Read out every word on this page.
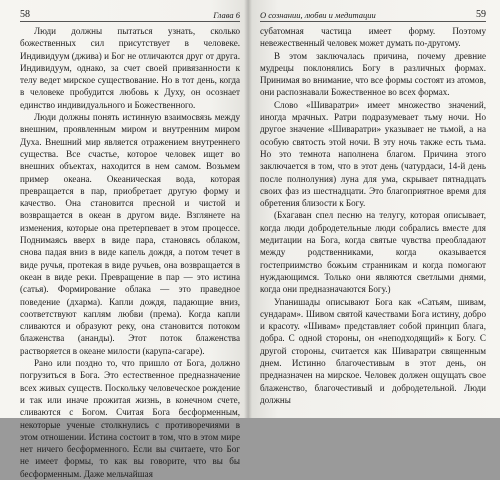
58	Глава 6

Люди должны пытаться узнать, сколько божественных сил присутствует в человеке. Индивидуум (джива) и Бог не отличаются друг от друга. Индивидуум, однако, за счет своей привязанности к телу ведет мирское существование. Но в тот день, когда в человеке пробудится любовь к Духу, он осознает единство индивидуального и Божественного.

Люди должны понять истинную взаимосвязь между внешним, проявленным миром и внутренним миром Духа. Внешний мир является отражением внутреннего существа. Все счастье, которое человек ищет во внешних объектах, находится в нем самом. Возьмем пример океана. Океаническая вода, которая превращается в пар, приобретает другую форму и качество. Она становится пресной и чистой и возвращается в океан в другом виде. Взглянете на изменения, которые она претерпевает в этом процессе. Поднимаясь вверх в виде пара, становясь облаком, снова падая вниз в виде капель дождя, а потом течет в виде ручья, протекая в виде ручьев, она возвращается в океан в виде реки. Превращение в пар — это истина (сатья). Формирование облака — это праведное поведение (дхарма). Капли дождя, падающие вниз, соответствуют каплям любви (према). Когда капли сливаются и образуют реку, она становится потоком блаженства (ананды). Этот поток блаженства растворяется в океане милости (карупа-сагаре).

Рано или поздно то, что пришло от Бога, должно погрузиться в Бога. Это естественное предназначение всех живых существ. Поскольку человеческое рождение и так или иначе прожитая жизнь, в конечном счете, сливаются с Богом. Считая Бога бесформенным, некоторые ученые столкнулись с противоречиями в этом отношении. Истина состоит в том, что в этом мире нет ничего бесформенного. Если вы считаете, что Бог не имеет формы, то как вы говорите, что вы бы бесформенным. Даже мельчайшая

О сознании, любви и медитации	59

субатомная частица имеет форму. Поэтому невежественный человек может думать по-другому.

В этом заключалась причина, почему древние мудрецы поклонялись Богу в различных формах. Принимая во внимание, что все формы состоят из атомов, они распознавали Божественное во всех формах.

Слово «Шиваратри» имеет множество значений, иногда мрачных. Ратри подразумевает тьму ночи. Но другое значение «Шиваратри» указывает не тьмой, а на особую святость этой ночи. В эту ночь также есть тьма. Но это темнота наполнена благом. Причина этого заключается в том, что в этот день (чатурдаси, 14-й день после полнолуния) луна для ума, скрывает пятнадцать своих фаз из шестнадцати. Это благоприятное время для обретения близости к Богу.

(Бхагаван спел песню на телугу, которая описывает, когда люди добродетельные люди собрались вместе для медитации на Бога, когда святые чувства преобладают между родственниками, когда оказывается гостеприимство божьим странникам и когда помогают нуждающимся. Только они являются светлыми днями, когда они предназначаются Богу.)

Упанишады описывают Бога как «Сатьям, шивам, сундарам». Шивом святой качествами Бога истину, добро и красоту. «Шивам» представляет собой принцип блага, добра. С одной стороны, он «неподходящий» к Богу. С другой стороны, считается как Шиваратри священным днем. Истинно благочестивым в этот день, он предназначен на мирское. Человек должен ощущать свое блаженство, благочестивый и добродетельной. Люди должны
